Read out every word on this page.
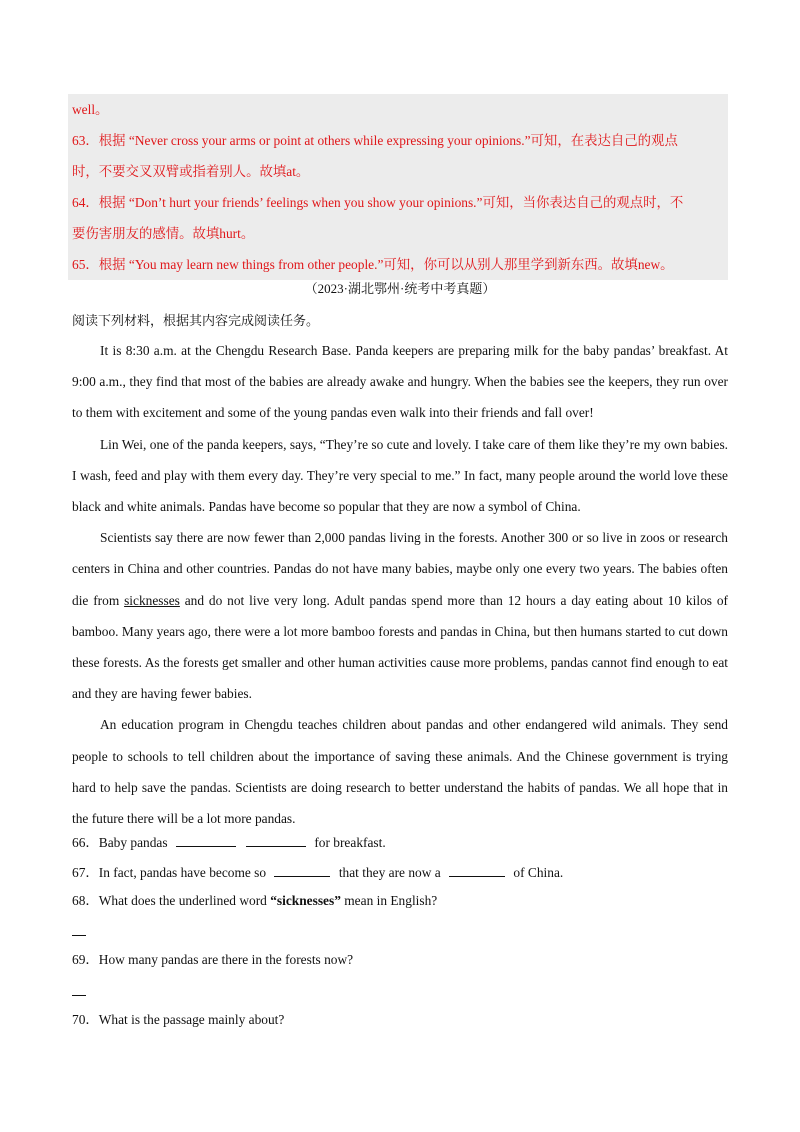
well。

63．根据 “Never cross your arms or point at others while expressing your opinions.”可知，在表达自己的观点

时，不要交叉双臂或指着别人。故填at。

64．根据 “Don’t hurt your friends’ feelings when you show your opinions.”可知，当你表达自己的观点时，不

要伤害朋友的感情。故填hurt。

65．根据 “You may learn new things from other people.”可知，你可以从别人那里学到新东西。故填new。

（2023·湖北鄂州·统考中考真题）
阅读下列材料，根据其内容完成阅读任务。

It is 8:30 a.m. at the Chengdu Research Base. Panda keepers are preparing milk for the baby pandas’ breakfast. At 9:00 a.m., they find that most of the babies are already awake and hungry. When the babies see the keepers, they run over to them with excitement and some of the young pandas even walk into their friends and fall over!

Lin Wei, one of the panda keepers, says, “They’re so cute and lovely. I take care of them like they’re my own babies. I wash, feed and play with them every day. They’re very special to me.” In fact, many people around the world love these black and white animals. Pandas have become so popular that they are now a symbol of China.

Scientists say there are now fewer than 2,000 pandas living in the forests. Another 300 or so live in zoos or research centers in China and other countries. Pandas do not have many babies, maybe only one every two years. The babies often die from sicknesses and do not live very long. Adult pandas spend more than 12 hours a day eating about 10 kilos of bamboo. Many years ago, there were a lot more bamboo forests and pandas in China, but then humans started to cut down these forests. As the forests get smaller and other human activities cause more problems, pandas cannot find enough to eat and they are having fewer babies.

An education program in Chengdu teaches children about pandas and other endangered wild animals. They send people to schools to tell children about the importance of saving these animals. And the Chinese government is trying hard to help save the pandas. Scientists are doing research to better understand the habits of pandas. We all hope that in the future there will be a lot more pandas.

66．Baby pandas	for breakfast.
67．In fact, pandas have become so	that they are now a	of China.
68．What does the underlined word “sicknesses” mean in English?
69．How many pandas are there in the forests now?
70．What is the passage mainly about?
